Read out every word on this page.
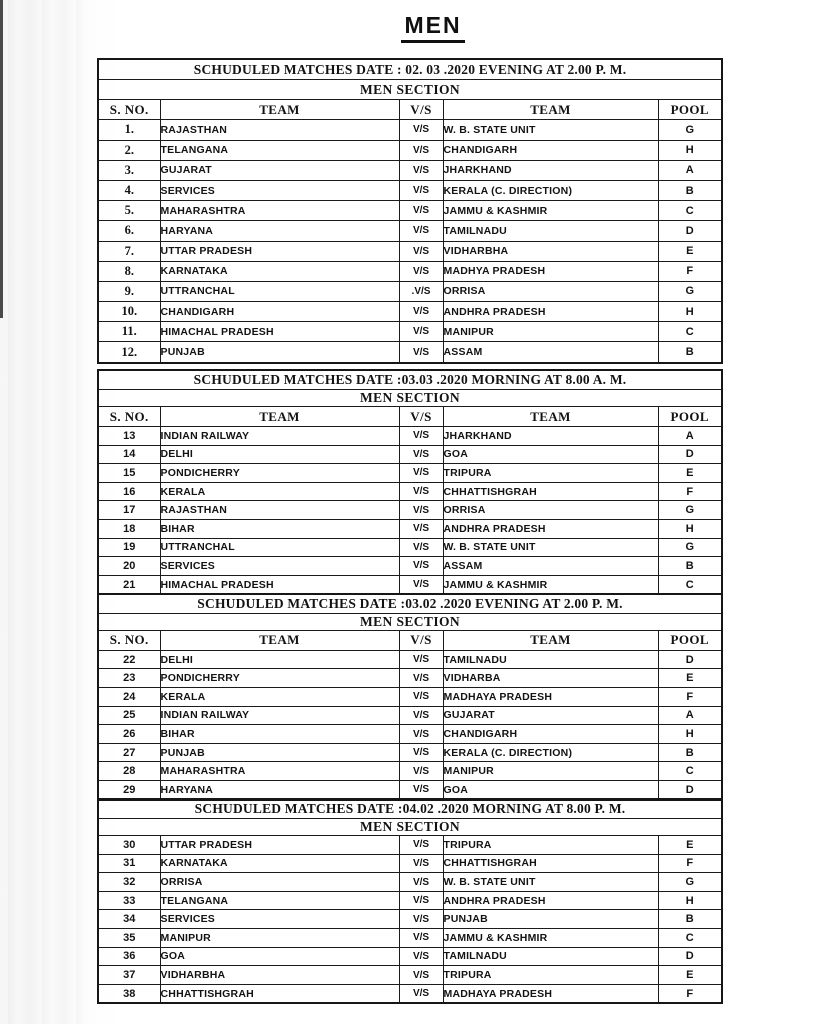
MEN
SCHUDULED MATCHES DATE : 02. 03 .2020 EVENING AT 2.00 P. M.				
MEN SECTION				
S. NO.	TEAM	V/S	TEAM	POOL
1.	RAJASTHAN	V/S	W. B. STATE UNIT	G
2.	TELANGANA	V/S	CHANDIGARH	H
3.	GUJARAT	V/S	JHARKHAND	A
4.	SERVICES	V/S	KERALA (C. DIRECTION)	B
5.	MAHARASHTRA	V/S	JAMMU & KASHMIR	C
6.	HARYANA	V/S	TAMILNADU	D
7.	UTTAR PRADESH	V/S	VIDHARBHA	E
8.	KARNATAKA	V/S	MADHYA PRADESH	F
9.	UTTRANCHAL	.V/S	ORRISA	G
10.	CHANDIGARH	V/S	ANDHRA PRADESH	H
11.	HIMACHAL PRADESH	V/S	MANIPUR	C
12.	PUNJAB	V/S	ASSAM	B
SCHUDULED MATCHES DATE :03.03 .2020 MORNING AT 8.00 A. M.				
MEN SECTION				
S. NO.	TEAM	V/S	TEAM	POOL
13	INDIAN RAILWAY	V/S	JHARKHAND	A
14	DELHI	V/S	GOA	D
15	PONDICHERRY	V/S	TRIPURA	E
16	KERALA	V/S	CHHATTISHGRAH	F
17	RAJASTHAN	V/S	ORRISA	G
18	BIHAR	V/S	ANDHRA PRADESH	H
19	UTTRANCHAL	V/S	W. B. STATE UNIT	G
20	SERVICES	V/S	ASSAM	B
21	HIMACHAL PRADESH	V/S	JAMMU & KASHMIR	C
SCHUDULED MATCHES DATE :03.02 .2020 EVENING AT 2.00 P. M.				
MEN SECTION				
S. NO.	TEAM	V/S	TEAM	POOL
22	DELHI	V/S	TAMILNADU	D
23	PONDICHERRY	V/S	VIDHARBA	E
24	KERALA	V/S	MADHAYA PRADESH	F
25	INDIAN RAILWAY	V/S	GUJARAT	A
26	BIHAR	V/S	CHANDIGARH	H
27	PUNJAB	V/S	KERALA (C. DIRECTION)	B
28	MAHARASHTRA	V/S	MANIPUR	C
29	HARYANA	V/S	GOA	D
SCHUDULED MATCHES DATE :04.02 .2020 MORNING AT 8.00 P. M.				
MEN SECTION				
30	UTTAR PRADESH	V/S	TRIPURA	E
31	KARNATAKA	V/S	CHHATTISHGRAH	F
32	ORRISA	V/S	W. B. STATE UNIT	G
33	TELANGANA	V/S	ANDHRA PRADESH	H
34	SERVICES	V/S	PUNJAB	B
35	MANIPUR	V/S	JAMMU & KASHMIR	C
36	GOA	V/S	TAMILNADU	D
37	VIDHARBHA	V/S	TRIPURA	E
38	CHHATTISHGRAH	V/S	MADHAYA PRADESH	F
